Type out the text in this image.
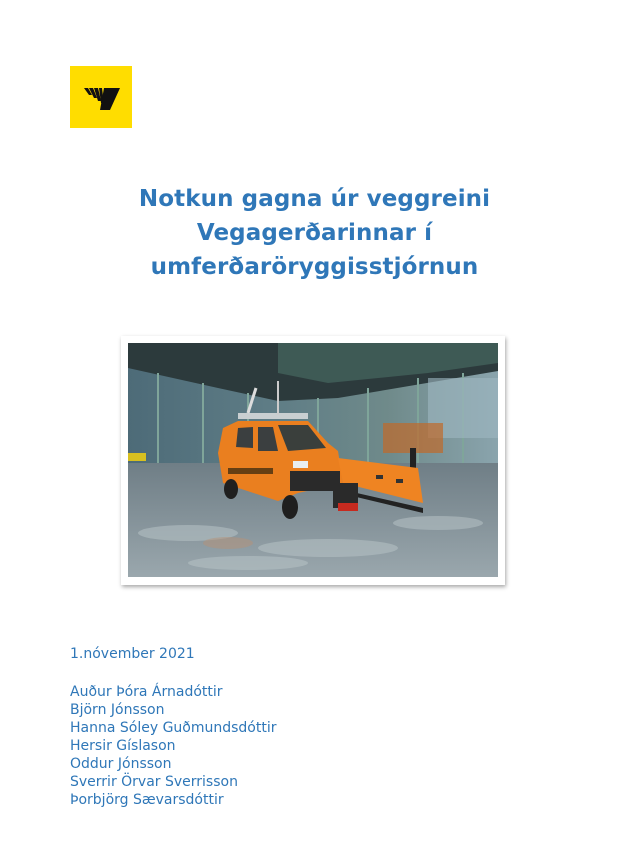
Notkun gagna úr veggreini
Vegagerðarinnar í
umferðaröryggisstjórnun
1.nóvember 2021
Auður Þóra Árnadóttir
Björn Jónsson
Hanna Sóley Guðmundsdóttir
Hersir Gíslason
Oddur Jónsson
Sverrir Örvar Sverrisson
Þorbjörg Sævarsdóttir
